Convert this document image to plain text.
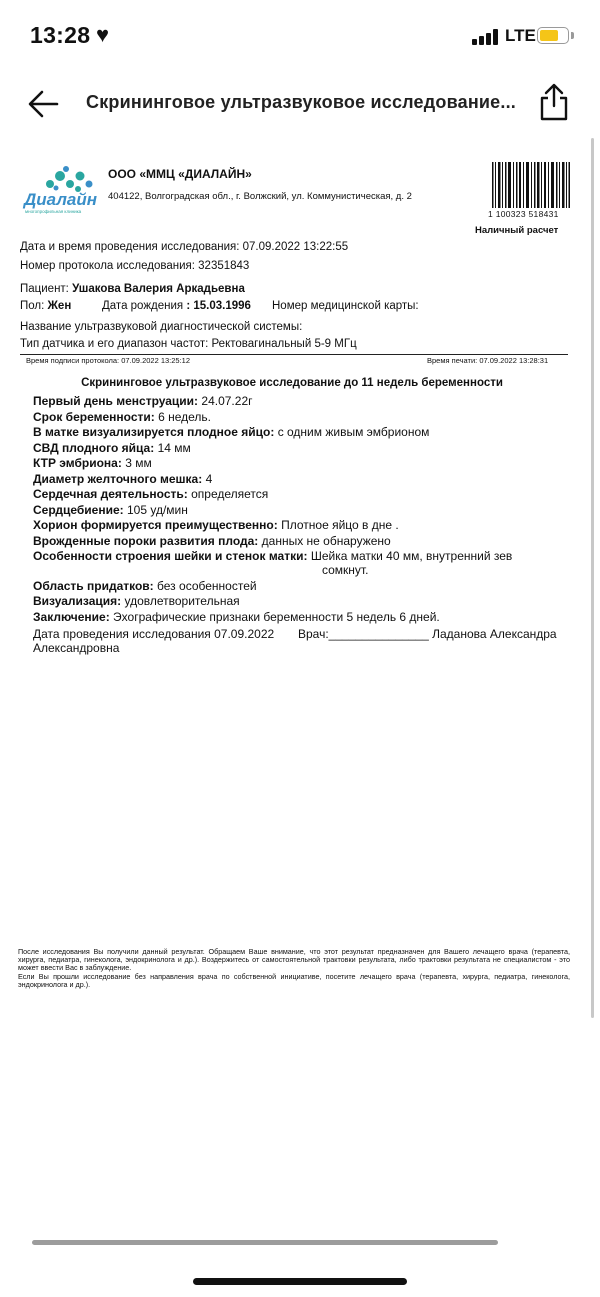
13:28 ♥	LTE
Скрининговое ультразвуковое исследование...
Диалайн
многопрофильная клиника
ООО «ММЦ «ДИАЛАЙН»
404122, Волгоградская обл., г. Волжский, ул. Коммунистическая, д. 2
1 100323 518431
Наличный расчет
Дата и время проведения исследования: 07.09.2022 13:22:55
Номер протокола исследования: 32351843
Пациент: Ушакова Валерия Аркадьевна
Пол: Жен	Дата рождения : 15.03.1996 Номер медицинской карты:
Название ультразвуковой диагностической системы:
Тип датчика и его диапазон частот: Ректовагинальный 5-9 МГц
Время подписи протокола: 07.09.2022 13:25:12	Время печати: 07.09.2022 13:28:31
Скрининговое ультразвуковое исследование до 11 недель беременности
Первый день менструации: 24.07.22г
Срок беременности: 6 недель.
В матке визуализируется плодное яйцо: с одним живым эмбрионом
СВД плодного яйца: 14 мм
КТР эмбриона: 3 мм
Диаметр желточного мешка: 4
Сердечная деятельность: определяется
Сердцебиение: 105 уд/мин
Хорион формируется преимущественно: Плотное яйцо в дне .
Врожденные пороки развития плода: данных не обнаружено
Особенности строения шейки и стенок матки: Шейка матки 40 мм, внутренний зев
сомкнут.
Область придатков: без особенностей
Визуализация: удовлетворительная
Заключение: Эхографические признаки беременности 5 недель 6 дней.
Дата проведения исследования 07.09.2022 Врач:_______________ Ладанова Александра
Александровна
После исследования Вы получили данный результат. Обращаем Ваше внимание, что этот результат предназначен для Вашего лечащего врача (терапевта, хирурга, педиатра, гинеколога, эндокринолога и др.). Воздержитесь от самостоятельной трактовки результата, либо трактовки результата не специалистом - это может ввести Вас в заблуждение.
Если Вы прошли исследование без направления врача по собственной инициативе, посетите лечащего врача (терапевта, хирурга, педиатра, гинеколога, эндокринолога и др.).
